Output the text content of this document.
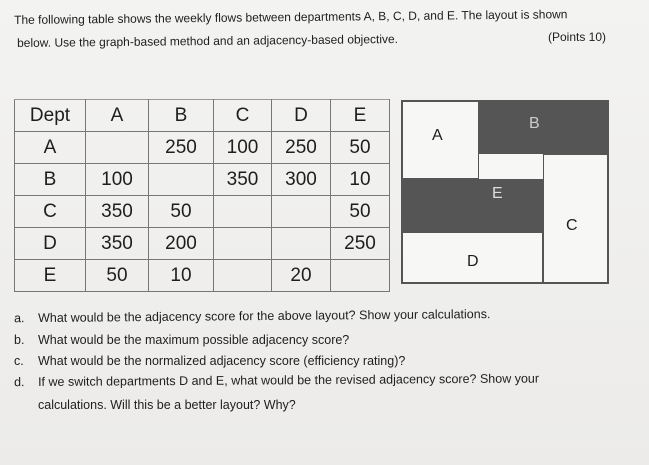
The following table shows the weekly flows between departments A, B, C, D, and E. The layout is shown
below. Use the graph-based method and an adjacency-based objective.	(Points 10)
Dept	A	B	C	D	E
A		250	100	250	50
B	100		350	300	10
C	350	50			50
D	350	200			250
E	50	10		20	
A
B
E
C
D
a. What would be the adjacency score for the above layout? Show your calculations.
b. What would be the maximum possible adjacency score?
c. What would be the normalized adjacency score (efficiency rating)?
d. If we switch departments D and E, what would be the revised adjacency score? Show your
calculations. Will this be a better layout? Why?
